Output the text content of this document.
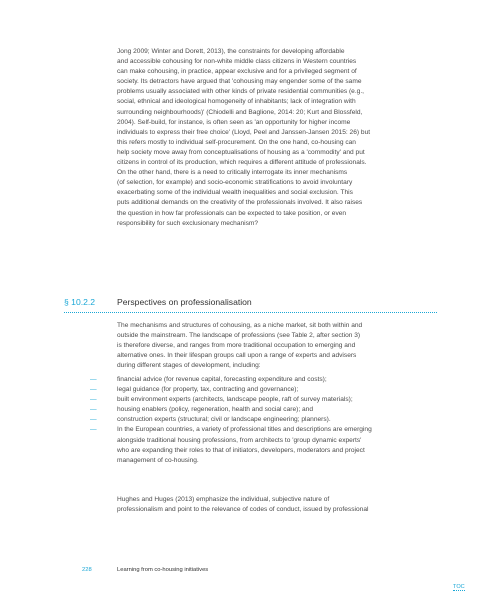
Jong 2009; Winter and Dorett, 2013), the constraints for developing affordable

and accessible cohousing for non-white middle class citizens in Western countries

can make cohousing, in practice, appear exclusive and for a privileged segment of

society. Its detractors have argued that 'cohousing may engender some of the same

problems usually associated with other kinds of private residential communities (e.g.,

social, ethnical and ideological homogeneity of inhabitants; lack of integration with

surrounding neighbourhoods)' (Chiodelli and Baglione, 2014: 20; Kurt and Blossfeld,

2004). Self-build, for instance, is often seen as 'an opportunity for higher income

individuals to express their free choice' (Lloyd, Peel and Janssen-Jansen 2015: 26) but

this refers mostly to individual self-procurement. On the one hand, co-housing can

help society move away from conceptualisations of housing as a 'commodity' and put

citizens in control of its production, which requires a different attitude of professionals.

On the other hand, there is a need to critically interrogate its inner mechanisms

(of selection, for example) and socio-economic stratifications to avoid involuntary

exacerbating some of the individual wealth inequalities and social exclusion. This

puts additional demands on the creativity of the professionals involved. It also raises

the question in how far professionals can be expected to take position, or even

responsibility for such exclusionary mechanism?

§ 10.2.2	Perspectives on professionalisation

The mechanisms and structures of cohousing, as a niche market, sit both within and

outside the mainstream. The landscape of professions (see Table 2, after section 3)

is therefore diverse, and ranges from more traditional occupation to emerging and

alternative ones. In their lifespan groups call upon a range of experts and advisers

during different stages of development, including:

—	financial advice (for revenue capital, forecasting expenditure and costs);

—	legal guidance (for property, tax, contracting and governance);

—	built environment experts (architects, landscape people, raft of survey materials);

—	housing enablers (policy, regeneration, health and social care); and

—	construction experts (structural; civil or landscape engineering; planners).

—	In the European countries, a variety of professional titles and descriptions are emerging

alongside traditional housing professions, from architects to 'group dynamic experts'

who are expanding their roles to that of initiators, developers, moderators and project

management of co-housing.

Hughes and Huges (2013) emphasize the individual, subjective nature of

professionalism and point to the relevance of codes of conduct, issued by professional

228	Learning from co-housing initiatives
TOC
